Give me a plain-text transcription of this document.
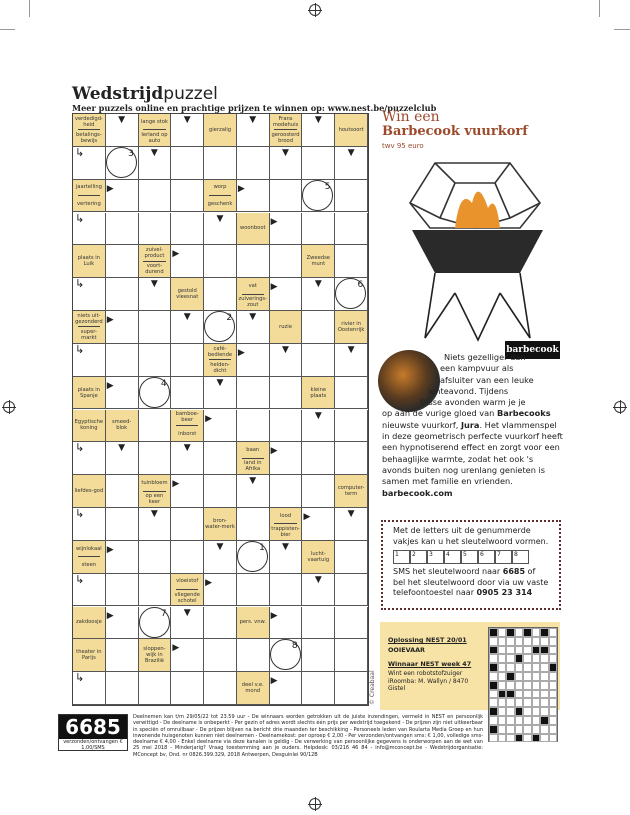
Wedstrijdpuzzel
Meer puzzels online en prachtige prijzen te winnen op: www.nest.be/puzzelclub
verdedigd-heid
betalings-bewijs
▼	lange stok
Ierland op auto
▼
gierzalig
▼	Frans modehuis
geroosterd brood
▼
houtsoort
↳	3 ▼	▼	▼
jaartelling
vertering
▶	worp
geschenk
▶	5
↳	▼
woonboot
▶
plaats in Luik
zuivel-product
voort-durend
▶	Zweedse munt
↳	▼
gestold vleesnat
vat
zuiverings-zout
▶	▼	6
niets uit-gezonderd
super-markt
▶	▼	2 ▼
ruzie	rivier in Oostenrijk
↳	café-bediende
helden-dicht
▶	▼	▼
plaats in Spanje
▶	4	▼
kleine plaats
Egyptische koning
smeed-blok
bamboe-beer
inborst
▶	▼
↳	▼	▼	baan
land in Afrika
▶
liefdes-god
tuinbloem
op een keer
▶	▼
computer-term
↳	▼
bron-water-merk
lood
trappisten-bier
▶	▼
wijnlokaal
steen
▶	▼	1 ▼
lucht-vaartuig
↳	vloeistof
vliegende schotel
▶	▼
zakdoosje
▶	7 ▼
pers. vnw.
▶
theater in Parijs
sloppen-wijk in Brazilië
▶	8
↳
deel v.e. mond
▶	© Creabaal
Win een
Barbecook vuurkorf
twv 95 euro
barbecook
Niets gezelliger dan
een kampvuur als
afsluiter van een leuke
lenteavond. Tijdens
frisse avonden warm je je
op aan de vurige gloed van Barbecooks
nieuwste vuurkorf, Jura. Het vlammenspel
in deze geometrisch perfecte vuurkorf heeft een hypnotiserend effect en zorgt voor een behaaglijke warmte, zodat het ook 's avonds buiten nog urenlang genieten is samen met familie en vrienden.  barbecook.com
Met de letters uit de genummerde vakjes kan u het sleutelwoord vormen.
1	2	3	4	5	6	7	8
SMS het sleutelwoord naar 6685 of bel het sleutelwoord door via uw vaste telefoontoestel naar 0905 23 314
Oplossing NEST 20/01
OOIEVAAR
Winnaar NEST week 47
Wint een robotstofzuiger iRoomba: M. Wallyn / 8470 Gistel
6685
verzonden/ontvangen € 1,00/SMS
Deelnemen kan t/m 29/05/22 tot 23.59 uur - De winnaars worden getrokken uit de juiste inzendingen, vermeld in NEST en persoonlijk verwittigd - De deelname is onbeperkt - Per gezin of adres wordt slechts één prijs per wedstrijd toegekend - De prijzen zijn niet uitkeerbaar in speciën of omruilbaar - De prijzen blijven na bericht drie maanden ter beschikking - Personeels leden van Roularta Media Groep en hun inwonende huisgenoten kunnen niet deelnemen - Deelnamekost: per oproep € 2,00 - Per verzonden/ontvangen sms: € 1,00, volledige sms-deelname € 4,00 - Enkel deelname via deze kanalen is geldig - De verwerking van persoonlijke gegevens is onderworpen aan de wet van 25 mei 2018 - Minderjarig? Vraag toestemming aan je ouders. Helpdesk: 03/216 46 84 - info@mconcept.be - Wedstrijdorganisatie: MConcept bv, Ond. nr 0826.399.329, 2018 Antwerpen, Desguinlei 90/12B
